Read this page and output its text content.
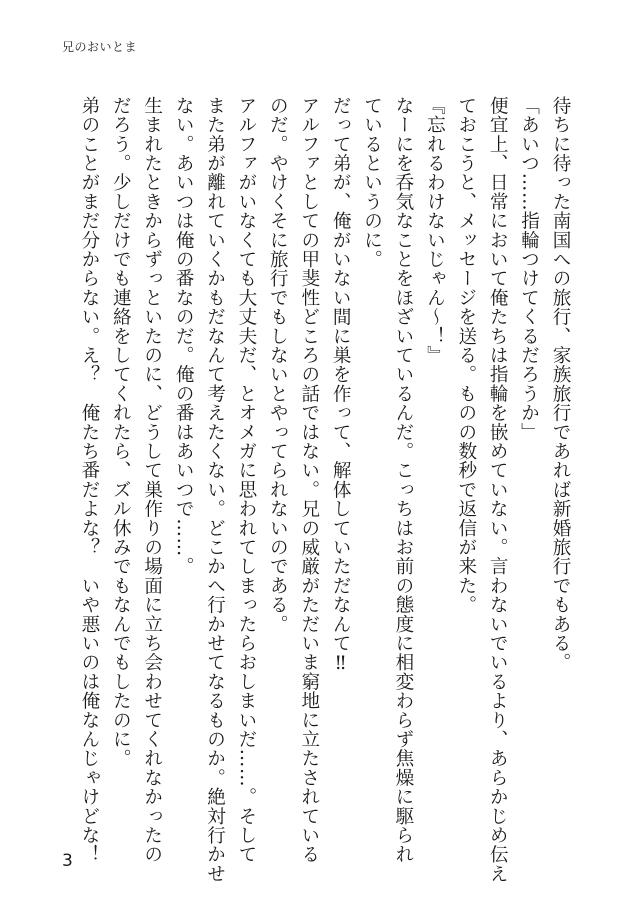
兄のおいとま

待ちに待った南国への旅行、家族旅行であれば新婚旅行でもある。

「あいつ……指輪つけてくるだろうか」

便宜上、日常において俺たちは指輪を嵌めていない。言わないでいるより、あらかじめ伝え

ておこうと、メッセージを送る。ものの数秒で返信が来た。

『忘れるわけないじゃん～！』

なーにを呑気なことをほざいているんだ。こっちはお前の態度に相変わらず焦燥に駆られ

ているというのに。

だって弟が、俺がいない間に巣を作って、解体していただなんて‼

アルファとしての甲斐性どころの話ではない。兄の威厳がただいま窮地に立たされている

のだ。やけくそに旅行でもしないとやってられないのである。

アルファがいなくても大丈夫だ、とオメガに思われてしまったらおしまいだ……。そして

また弟が離れていくかもだなんて考えたくない。どこかへ行かせてなるものか。絶対行かせ

ない。あいつは俺の番なのだ。俺の番はあいつで……。

生まれたときからずっといたのに、どうして巣作りの場面に立ち会わせてくれなかったの

だろう。少しだけでも連絡をしてくれたら、ズル休みでもなんでもしたのに。

弟のことがまだ分からない。え？　俺たち番だよな？　いや悪いのは俺なんじゃけどな！

3
